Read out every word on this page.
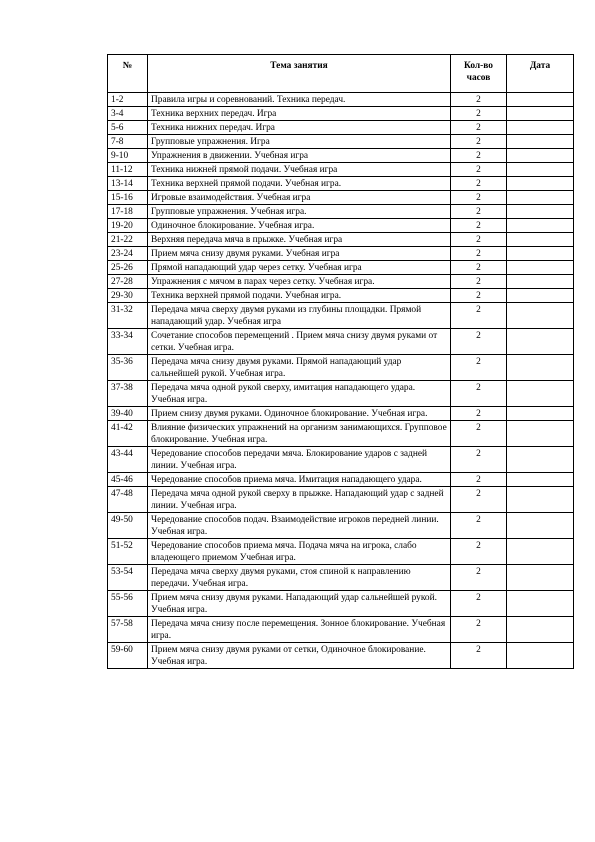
№	Тема занятия	Кол-во часов	Дата
1-2	Правила игры и соревнований. Техника передач.	2	
3-4	Техника верхних передач. Игра	2	
5-6	Техника нижних передач. Игра	2	
7-8	Групповые упражнения. Игра	2	
9-10	Упражнения в движении. Учебная игра	2	
11-12	Техника нижней прямой подачи. Учебная игра	2	
13-14	Техника верхней прямой подачи. Учебная игра.	2	
15-16	Игровые взаимодействия. Учебная игра	2	
17-18	Групповые упражнения. Учебная игра.	2	
19-20	Одиночное блокирование. Учебная игра.	2	
21-22	Верхняя передача мяча в прыжке. Учебная игра	2	
23-24	Прием мяча снизу двумя руками. Учебная игра	2	
25-26	Прямой нападающий удар через сетку. Учебная игра	2	
27-28	Упражнения с мячом в парах через сетку. Учебная игра.	2	
29-30	Техника верхней прямой подачи. Учебная игра.	2	
31-32	Передача мяча сверху двумя руками из глубины площадки. Прямой нападающий удар. Учебная игра	2	
33-34	Сочетание способов перемещений . Прием мяча снизу двумя руками от сетки. Учебная игра.	2	
35-36	Передача мяча снизу двумя руками. Прямой нападающий удар сальнейшей рукой. Учебная игра.	2	
37-38	Передача мяча одной рукой сверху, имитация нападающего удара. Учебная игра.	2	
39-40	Прием снизу двумя руками. Одиночное блокирование. Учебная игра.	2	
41-42	Влияние физических упражнений на организм занимающихся. Групповое блокирование. Учебная игра.	2	
43-44	Чередование способов передачи мяча. Блокирование ударов с задней линии. Учебная игра.	2	
45-46	Чередование способов приема мяча. Имитация нападающего удара.	2	
47-48	Передача мяча одной рукой сверху в прыжке. Нападающий удар с задней линии. Учебная игра.	2	
49-50	Чередование способов подач. Взаимодействие игроков передней линии. Учебная игра.	2	
51-52	Чередование способов приема мяча. Подача мяча на игрока, слабо владеющего приемом Учебная игра.	2	
53-54	Передача мяча сверху двумя руками, стоя спиной к направлению передачи. Учебная игра.	2	
55-56	Прием мяча снизу двумя руками. Нападающий удар сальнейшей рукой. Учебная игра.	2	
57-58	Передача мяча снизу после перемещения. Зонное блокирование. Учебная игра.	2	
59-60	Прием мяча снизу двумя руками от сетки, Одиночное блокирование. Учебная игра.	2	
